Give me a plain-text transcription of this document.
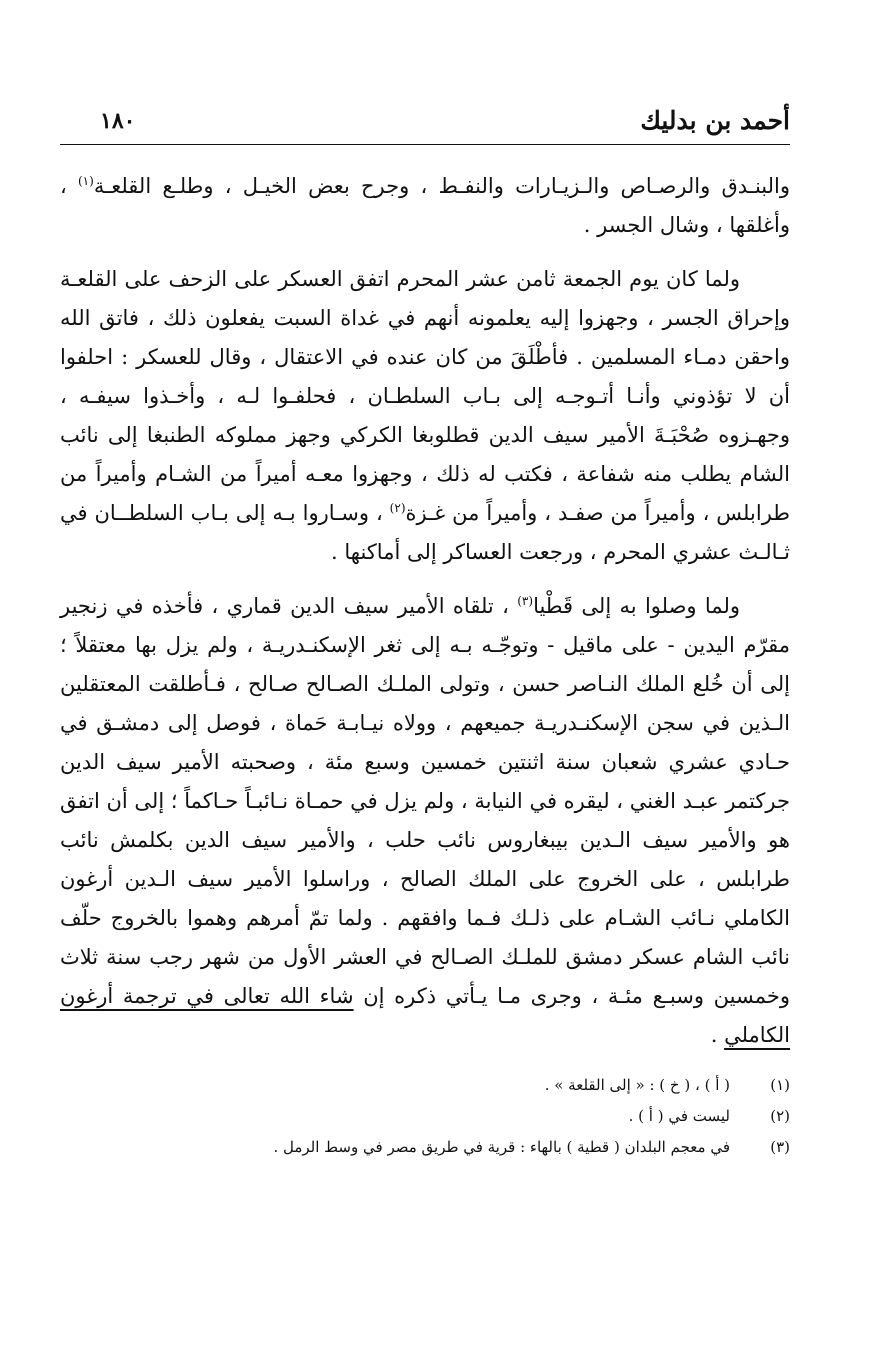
أحمد بن بدليك
١٨٠

والبنـدق والرصـاص والـزيـارات والنفـط ، وجرح بعض الخيـل ، وطلـع القلعـة$^{(١)}$ ، وأغلقها ، وشال الجسر .

ولما كان يوم الجمعة ثامن عشر المحرم اتفق العسكر على الزحف على القلعـة وإحراق الجسر ، وجهزوا إليه يعلمونه أنهم في غداة السبت يفعلون ذلك ، فاتق الله واحقن دمـاء المسلمين . فأطْلَقَ من كان عنده في الاعتقال ، وقال للعسكر : احلفوا أن لا تؤذوني وأنـا أتـوجـه إلى بـاب السلطـان ، فحلفـوا لـه ، وأخـذوا سيفـه ، وجهـزوه صُحْبَـةَ الأمير سيف الدين قطلوبغا الكركي وجهز مملوكه الطنبغا إلى نائب الشام يطلب منه شفاعة ، فكتب له ذلك ، وجهزوا معـه أميراً من الشـام وأميراً من طرابلس ، وأميراً من صفـد ، وأميراً من غـزة$^{(٢)}$ ، وسـاروا بـه إلى بـاب السلطــان في ثـالـث عشري المحرم ، ورجعت العساكر إلى أماكنها .

ولما وصلوا به إلى قَطْيا$^{(٣)}$ ، تلقاه الأمير سيف الدين قماري ، فأخذه في زنجير مقرّم اليدين - على ماقيل - وتوجّـه بـه إلى ثغر الإسكنـدريـة ، ولم يزل بها معتقلاً ؛ إلى أن خُلع الملك النـاصر حسن ، وتولى الملـك الصـالح صـالح ، فـأطلقت المعتقلين الـذين في سجن الإسكنـدريـة جميعهم ، وولاه نيـابـة حَماة ، فوصل إلى دمشـق في حـادي عشري شعبان سنة اثنتين خمسين وسبع مئة ، وصحبته الأمير سيف الدين جركتمر عبـد الغني ، ليقره في النيابة ، ولم يزل في حمـاة نـائبـاً حـاكماً ؛ إلى أن اتفق هو والأمير سيف الـدين بيبغاروس نائب حلب ، والأمير سيف الدين بكلمش نائب طرابلس ، على الخروج على الملك الصالح ، وراسلوا الأمير سيف الـدين أرغون الكاملي نـائب الشـام على ذلـك فـما وافقهم . ولما تمّ أمرهم وهموا بالخروج حلّف نائب الشام عسكر دمشق للملـك الصـالح في العشر الأول من شهر رجب سنة ثلاث وخمسين وسبـع مئـة ، وجرى مـا يـأتي ذكره إن شاء الله تعالى في ترجمة أرغون الكاملي .

(١)
( أ ) ، ( خ ) : « إلى القلعة » .
(٢)
ليست في ( أ ) .
(٣)
في معجم البلدان ( قطية ) بالهاء : قرية في طريق مصر في وسط الرمل .
